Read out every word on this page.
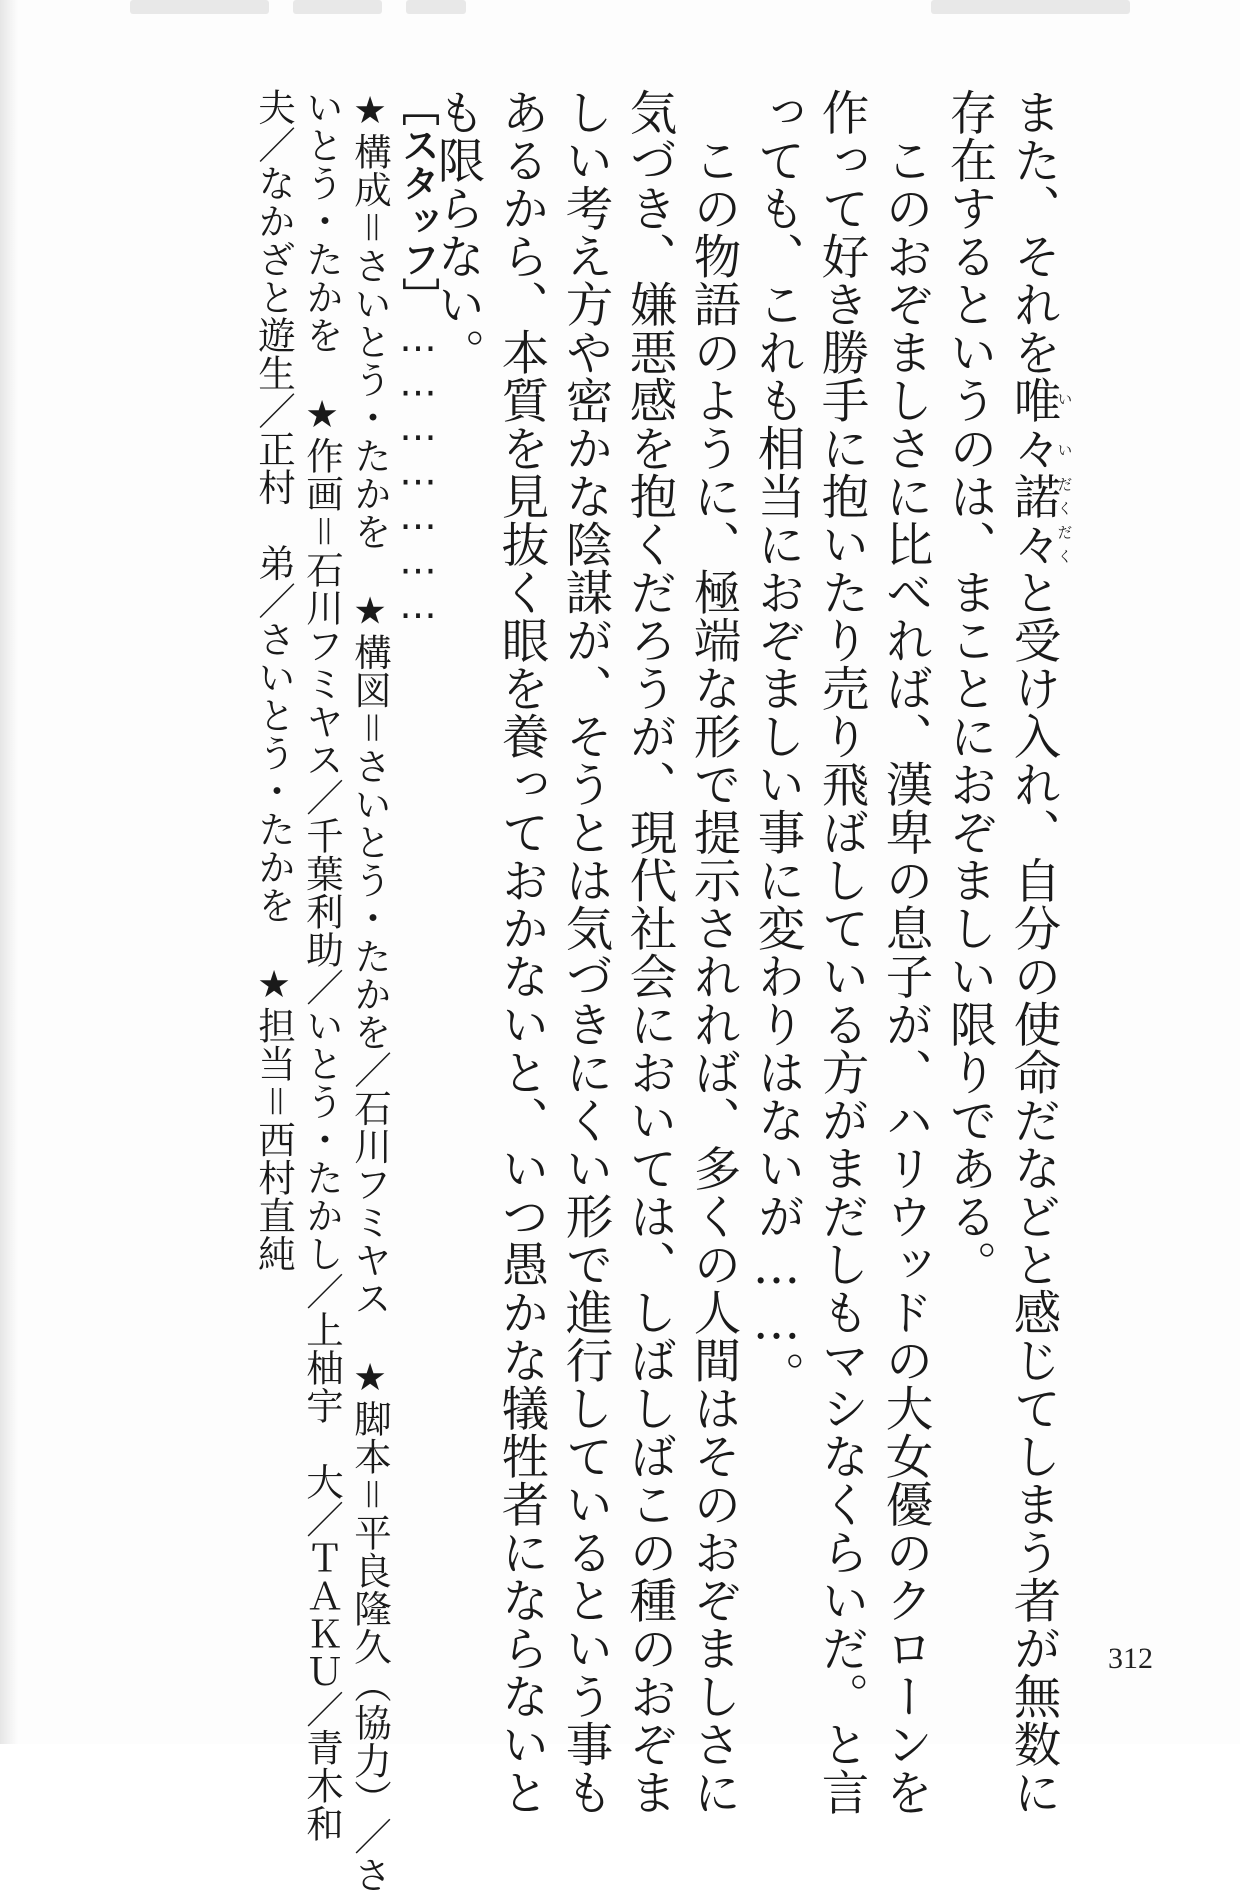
また、それを唯々いい諾々だくだくと受け入れ、自分の使命だなどと感じてしまう者が無数に
存在するというのは、まことにおぞましい限りである。
このおぞましさに比べれば、漢卑の息子が、ハリウッドの大女優のクローンを
作って好き勝手に抱いたり売り飛ばしている方がまだしもマシなくらいだ。と言
っても、これも相当におぞましい事に変わりはないが……。
この物語のように、極端な形で提示されれば、多くの人間はそのおぞましさに
気づき、嫌悪感を抱くだろうが、現代社会においては、しばしばこの種のおぞま
しい考え方や密かな陰謀が、そうとは気づきにくい形で進行しているという事も
あるから、本質を見抜く眼を養っておかないと、いつ愚かな犠牲者にならないと
も限らない。
［スタッフ］…………………
★構成＝さいとう・たかを　★構図＝さいとう・たかを／石川フミヤス　★脚本＝平良隆久（協力）／さ
いとう・たかを　★作画＝石川フミヤス／千葉利助／いとう・たかし／上柚宇　大／ＴＡＫＵ／青木和
夫／なかざと遊生／正村　弟／さいとう・たかを　★担当＝西村直純
312
